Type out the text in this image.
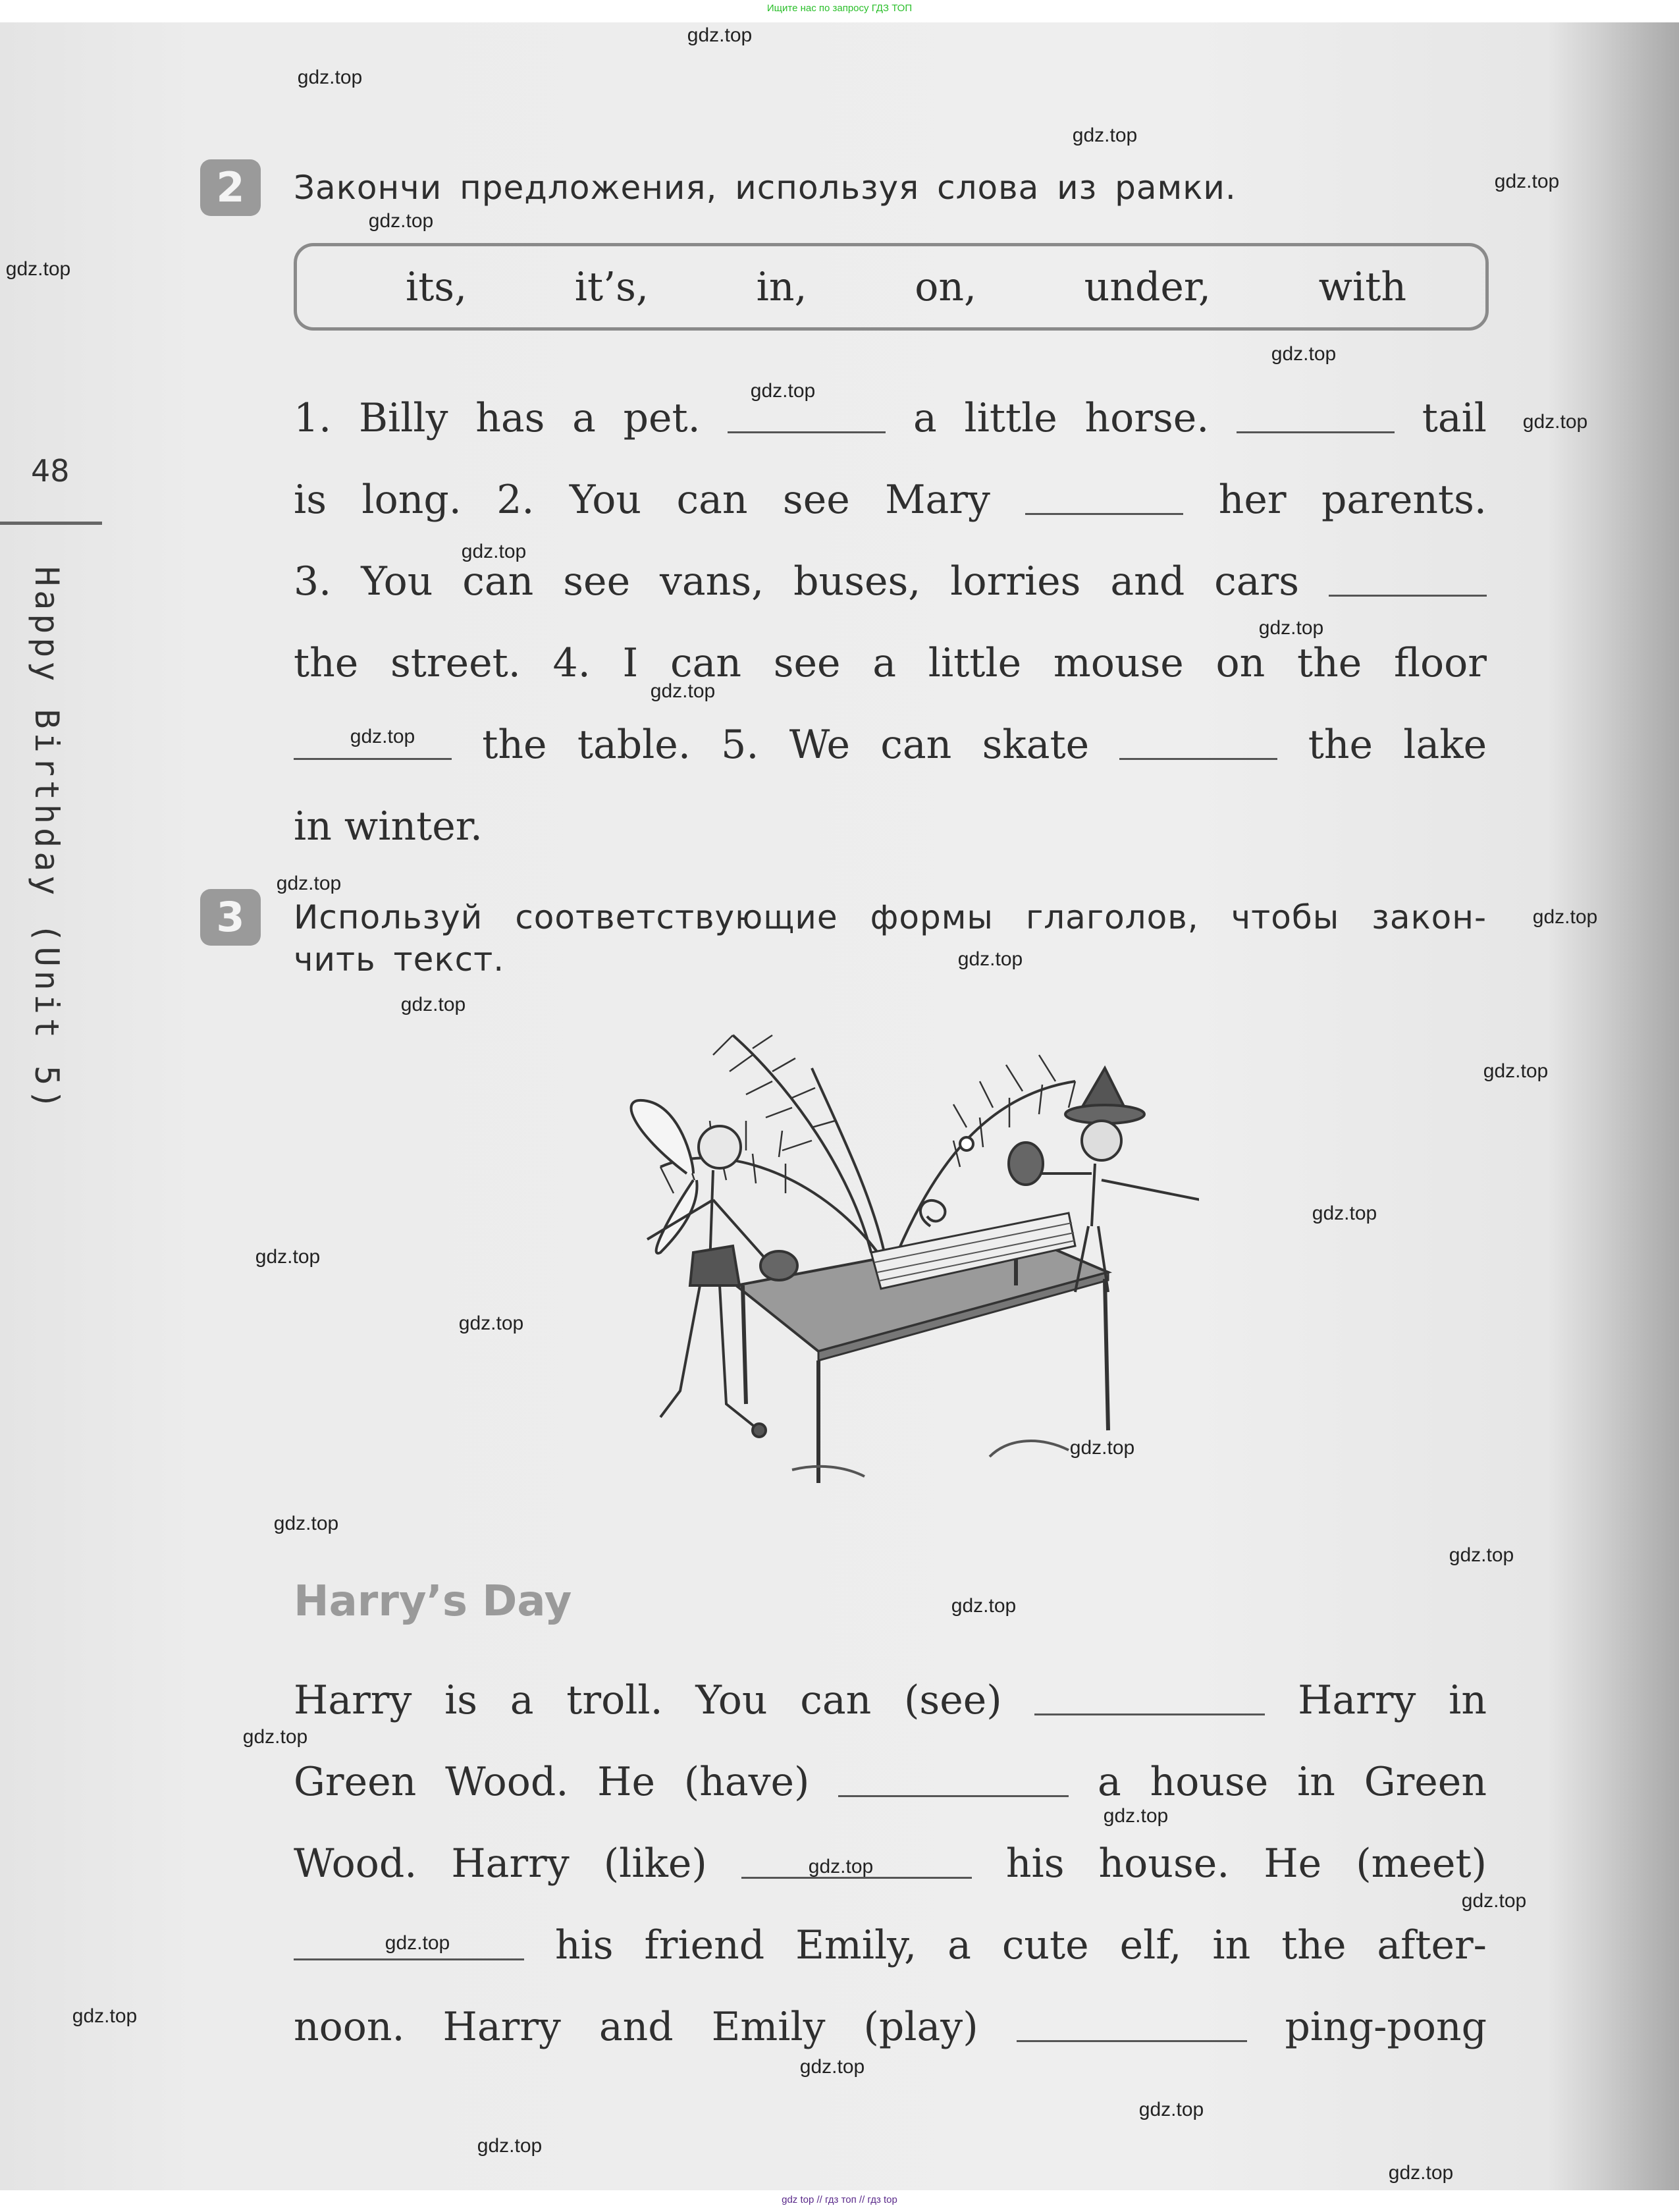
Ищите нас по запросу ГДЗ ТОП
48
Happy Birthday (Unit 5)
2	Закончи предложения, используя слова из рамки.
its,	it’s,	in,	on,	under,	with
1. Billy has a pet.	a little horse.	tail
is long. 2. You can see Mary	her parents.
3. You can see vans, buses, lorries and cars
the street. 4. I can see a little mouse on the floor
the table. 5. We can skate	the lake
in winter.
3	Используй соответствующие формы глаголов, чтобы закон-
чить текст.
Harry’s Day
Harry is a troll. You can (see)	Harry in
Green Wood. He (have)	a house in Green
Wood. Harry (like)	his house. He (meet)
his friend Emily, a cute elf, in the after-
noon. Harry and Emily (play)	ping-pong
gdz.top
gdz.top
gdz.top
gdz.top
gdz.top
gdz.top
gdz.top
gdz.top
gdz.top
gdz.top
gdz.top
gdz.top
gdz.top
gdz.top
gdz.top
gdz.top
gdz.top
gdz.top
gdz.top
gdz.top
gdz.top
gdz.top
gdz.top
gdz.top
gdz.top
gdz.top
gdz.top
gdz.top
gdz.top
gdz.top
gdz.top
gdz.top
gdz.top
gdz.top
gdz.top
gdz top // гдз топ // гдз top
